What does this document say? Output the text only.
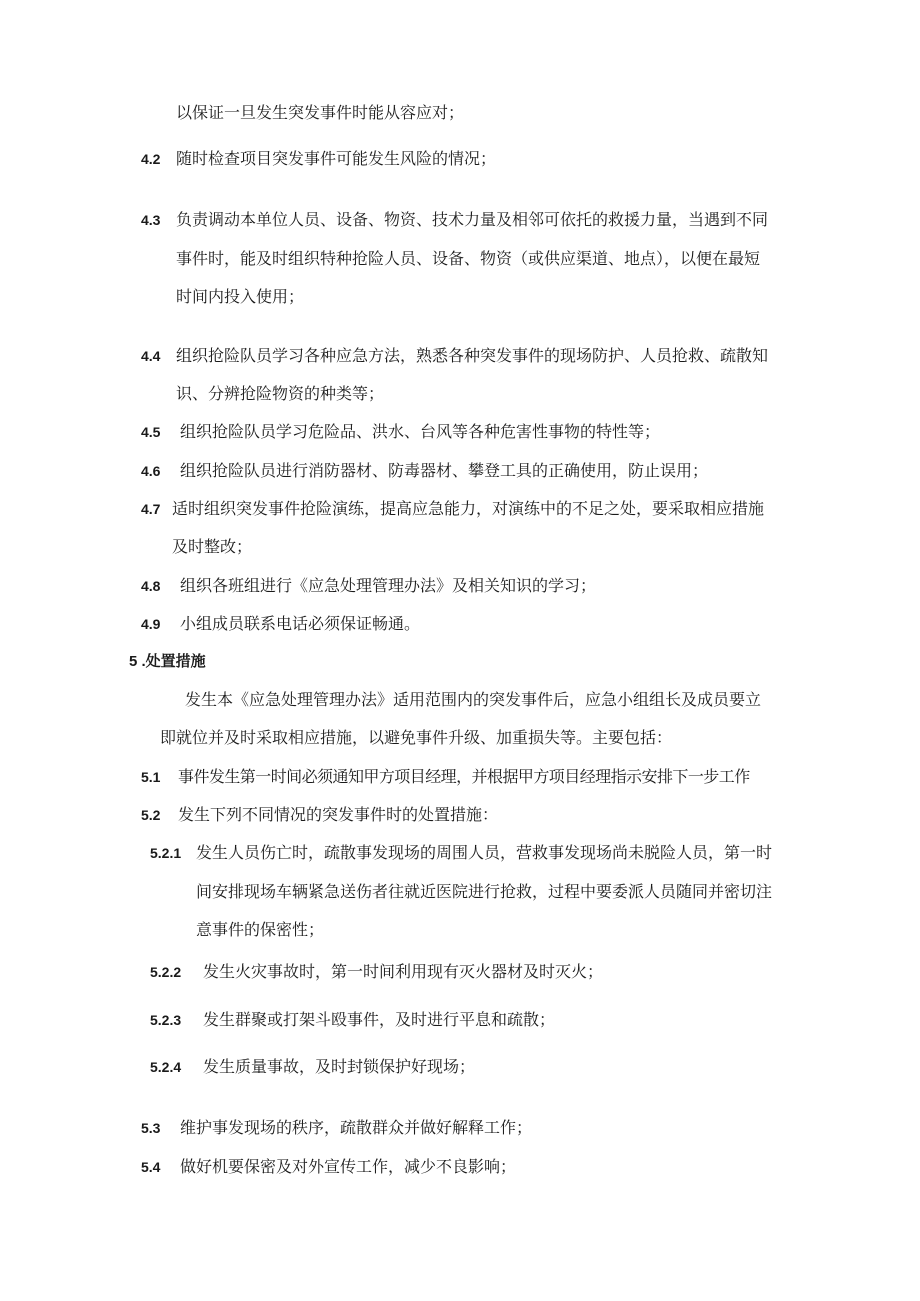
以保证一旦发生突发事件时能从容应对；
4.2 随时检查项目突发事件可能发生风险的情况；
4.3 负责调动本单位人员、设备、物资、技术力量及相邻可依托的救援力量，当遇到不同
事件时，能及时组织特种抢险人员、设备、物资（或供应渠道、地点），以便在最短
时间内投入使用；
4.4 组织抢险队员学习各种应急方法，熟悉各种突发事件的现场防护、人员抢救、疏散知
识、分辨抢险物资的种类等；
4.5 组织抢险队员学习危险品、洪水、台风等各种危害性事物的特性等；
4.6 组织抢险队员进行消防器材、防毒器材、攀登工具的正确使用，防止误用；
4.7 适时组织突发事件抢险演练，提高应急能力，对演练中的不足之处，要采取相应措施
及时整改；
4.8 组织各班组进行《应急处理管理办法》及相关知识的学习；
4.9 小组成员联系电话必须保证畅通。
5 .处置措施
发生本《应急处理管理办法》适用范围内的突发事件后，应急小组组长及成员要立
即就位并及时采取相应措施，以避免事件升级、加重损失等。主要包括：
5.1 事件发生第一时间必须通知甲方项目经理，并根据甲方项目经理指示安排下一步工作
5.2 发生下列不同情况的突发事件时的处置措施：
5.2.1 发生人员伤亡时，疏散事发现场的周围人员，营救事发现场尚未脱险人员，第一时
间安排现场车辆紧急送伤者往就近医院进行抢救，过程中要委派人员随同并密切注
意事件的保密性；
5.2.2 发生火灾事故时，第一时间利用现有灭火器材及时灭火；
5.2.3 发生群聚或打架斗殴事件，及时进行平息和疏散；
5.2.4 发生质量事故，及时封锁保护好现场；
5.3 维护事发现场的秩序，疏散群众并做好解释工作；
5.4 做好机要保密及对外宣传工作，减少不良影响；
